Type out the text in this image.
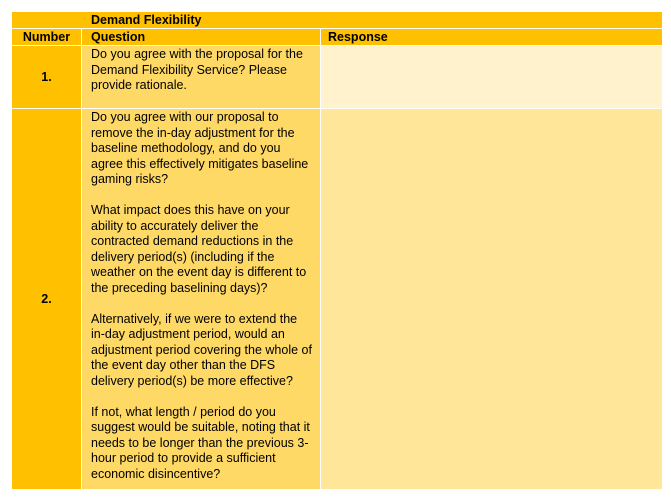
Demand Flexibility
Number	Question	Response
1.

Do you agree with the proposal for the Demand Flexibility Service? Please provide rationale.

2.

Do you agree with our proposal to remove the in-day adjustment for the baseline methodology, and do you agree this effectively mitigates baseline gaming risks?

What impact does this have on your ability to accurately deliver the contracted demand reductions in the delivery period(s) (including if the weather on the event day is different to the preceding baselining days)?

Alternatively, if we were to extend the in-day adjustment period, would an adjustment period covering the whole of the event day other than the DFS delivery period(s) be more effective?

If not, what length / period do you suggest would be suitable, noting that it needs to be longer than the previous 3-hour period to provide a sufficient economic disincentive?
